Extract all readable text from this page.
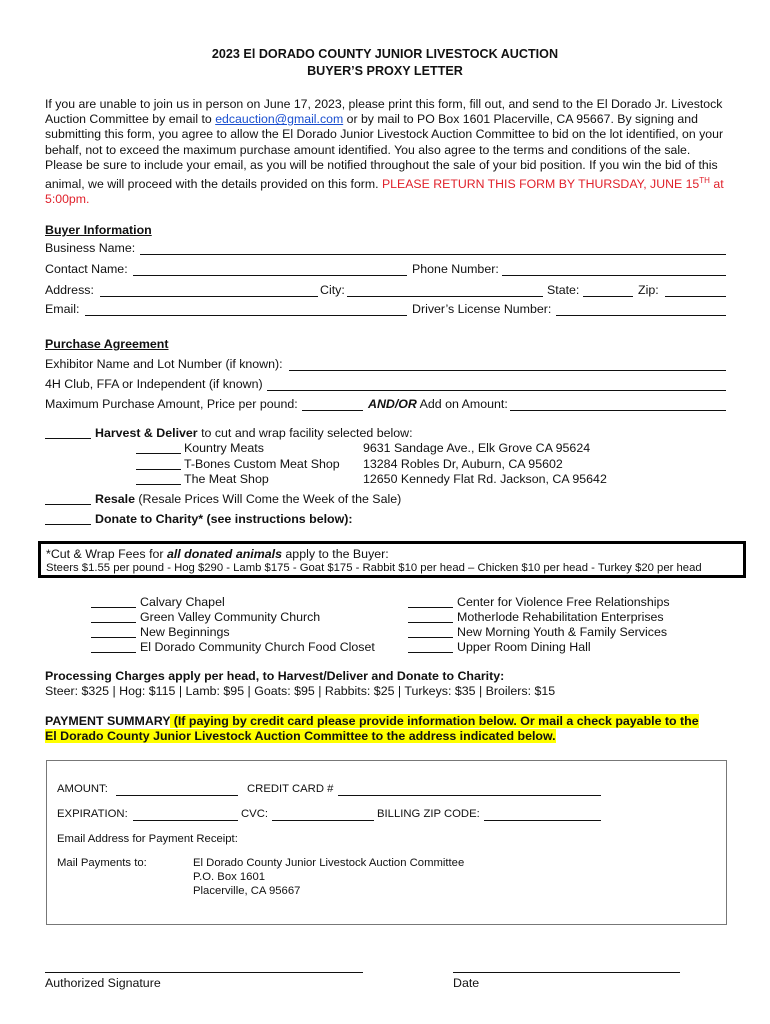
2023 El DORADO COUNTY JUNIOR LIVESTOCK AUCTION
BUYER’S PROXY LETTER
If you are unable to join us in person on June 17, 2023, please print this form, fill out, and send to the El Dorado Jr. Livestock Auction Committee by email to edcauction@gmail.com or by mail to PO Box 1601 Placerville, CA 95667. By signing and submitting this form, you agree to allow the El Dorado Junior Livestock Auction Committee to bid on the lot identified, on your behalf, not to exceed the maximum purchase amount identified. You also agree to the terms and conditions of the sale. Please be sure to include your email, as you will be notified throughout the sale of your bid position. If you win the bid of this animal, we will proceed with the details provided on this form. PLEASE RETURN THIS FORM BY THURSDAY, JUNE 15TH at 5:00pm.
Buyer Information
Business Name:
Contact Name:	Phone Number:
Address:	City:	State:	Zip:
Email:	Driver’s License Number:
Purchase Agreement
Exhibitor Name and Lot Number (if known):
4H Club, FFA or Independent (if known)
Maximum Purchase Amount, Price per pound:	AND/OR Add on Amount:
Harvest & Deliver to cut and wrap facility selected below:
Kountry Meats	9631 Sandage Ave., Elk Grove CA 95624
T-Bones Custom Meat Shop 13284 Robles Dr, Auburn, CA 95602
The Meat Shop	12650 Kennedy Flat Rd. Jackson, CA 95642
Resale (Resale Prices Will Come the Week of the Sale)
Donate to Charity* (see instructions below):
*Cut & Wrap Fees for all donated animals apply to the Buyer:
Steers $1.55 per pound - Hog $290 - Lamb $175 - Goat $175 - Rabbit $10 per head – Chicken $10 per head - Turkey $20 per head
Calvary Chapel
Green Valley Community Church
New Beginnings
El Dorado Community Church Food Closet
Center for Violence Free Relationships
Motherlode Rehabilitation Enterprises
New Morning Youth & Family Services
Upper Room Dining Hall
Processing Charges apply per head, to Harvest/Deliver and Donate to Charity:
Steer: $325 | Hog: $115 | Lamb: $95 | Goats: $95 | Rabbits: $25 | Turkeys: $35 | Broilers: $15
PAYMENT SUMMARY (If paying by credit card please provide information below. Or mail a check payable to the
El Dorado County Junior Livestock Auction Committee to the address indicated below.
AMOUNT:	CREDIT CARD #
EXPIRATION:	CVC:	BILLING ZIP CODE:
Email Address for Payment Receipt:
Mail Payments to:	El Dorado County Junior Livestock Auction Committee
P.O. Box 1601
Placerville, CA 95667
Authorized Signature	Date
